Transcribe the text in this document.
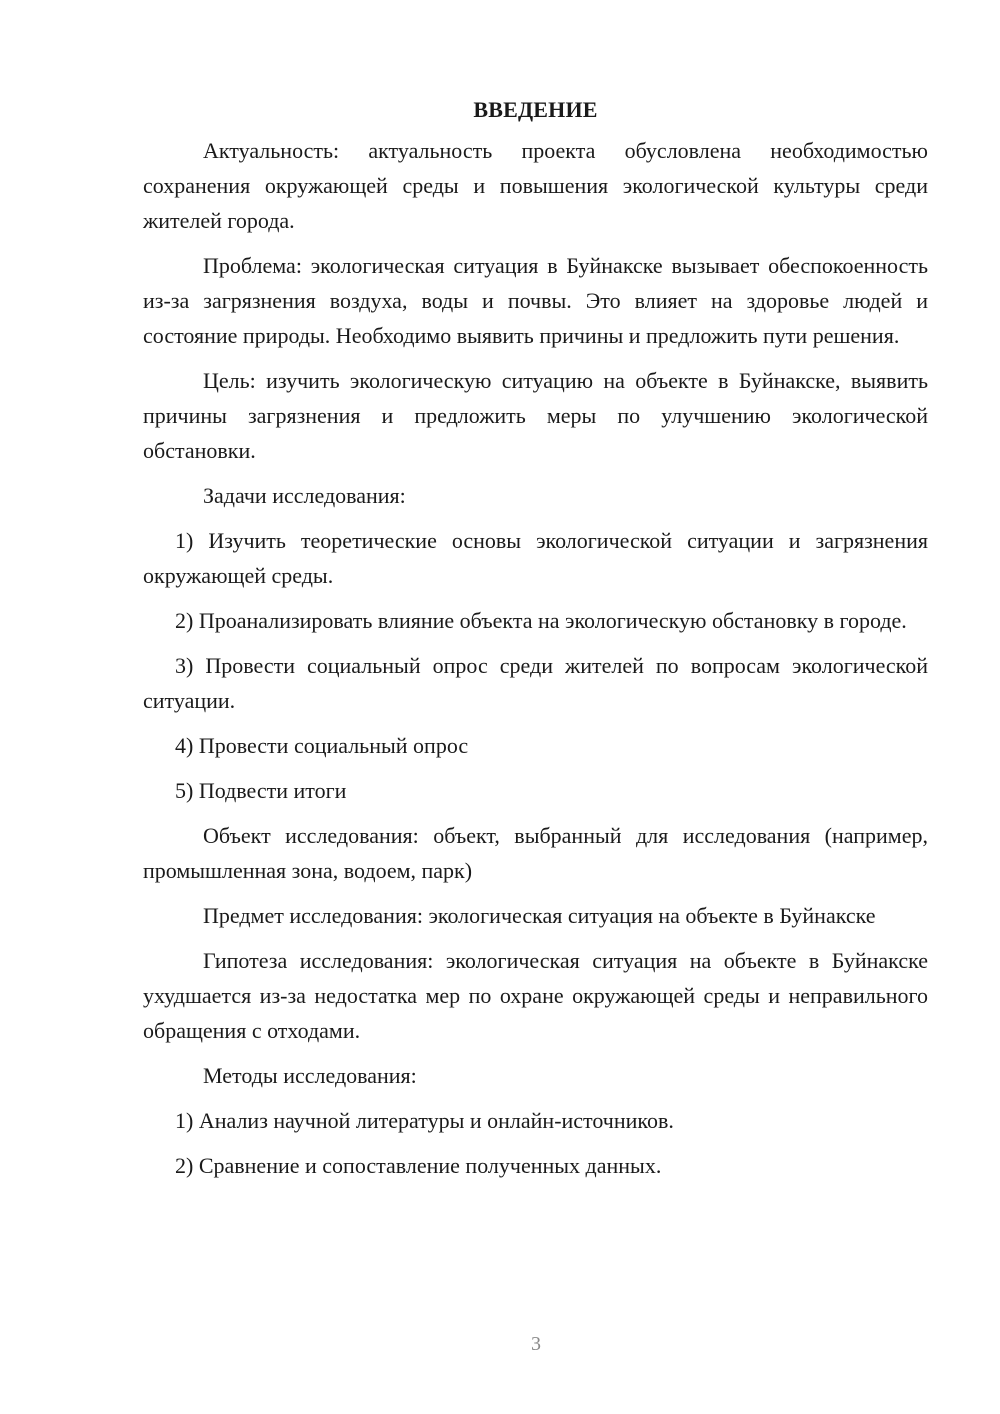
ВВЕДЕНИЕ

Актуальность: актуальность проекта обусловлена необходимостью сохранения окружающей среды и повышения экологической культуры среди жителей города.

Проблема: экологическая ситуация в Буйнакске вызывает обеспокоенность из-за загрязнения воздуха, воды и почвы. Это влияет на здоровье людей и состояние природы. Необходимо выявить причины и предложить пути решения.

Цель: изучить экологическую ситуацию на объекте в Буйнакске, выявить причины загрязнения и предложить меры по улучшению экологической обстановки.

Задачи исследования:

1) Изучить теоретические основы экологической ситуации и загрязнения окружающей среды.

2) Проанализировать влияние объекта на экологическую обстановку в городе.

3) Провести социальный опрос среди жителей по вопросам экологической ситуации.

4) Провести социальный опрос

5) Подвести итоги

Объект исследования: объект, выбранный для исследования (например, промышленная зона, водоем, парк)

Предмет исследования: экологическая ситуация на объекте в Буйнакске

Гипотеза исследования: экологическая ситуация на объекте в Буйнакске ухудшается из-за недостатка мер по охране окружающей среды и неправильного обращения с отходами.

Методы исследования:

1) Анализ научной литературы и онлайн-источников.

2) Сравнение и сопоставление полученных данных.

3
